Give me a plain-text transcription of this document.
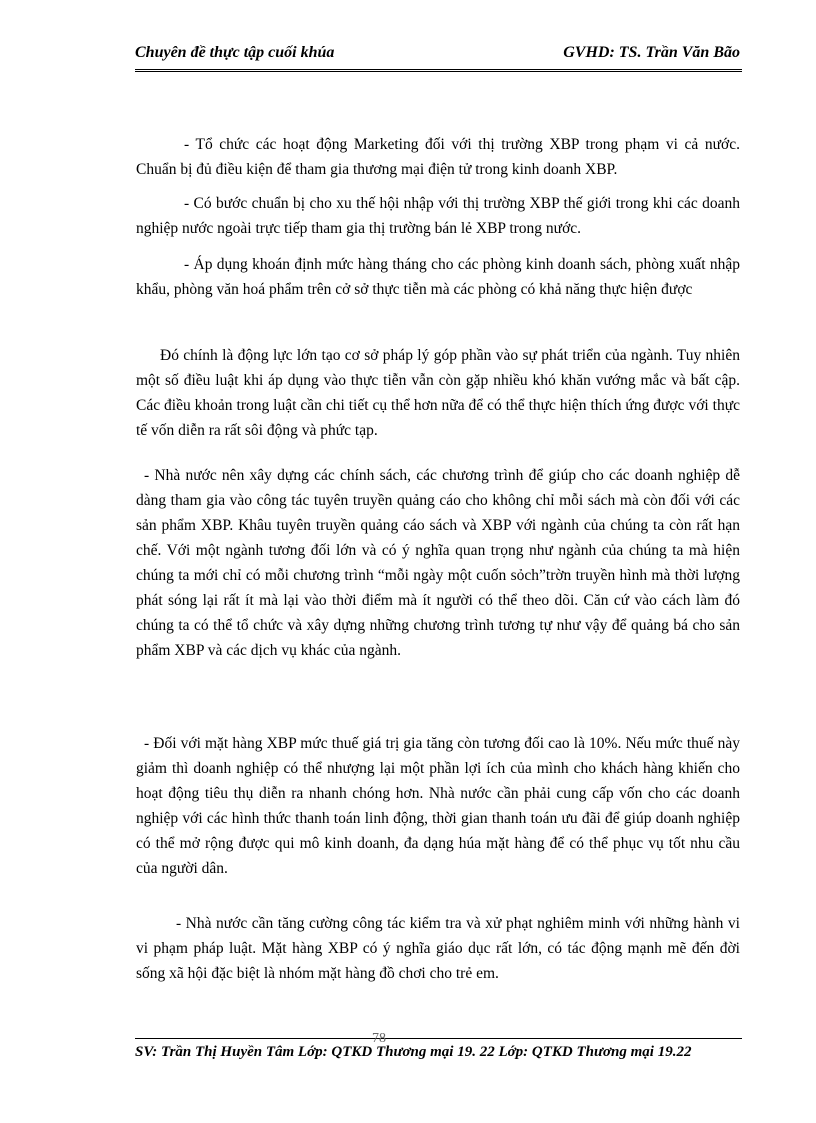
Chuyên đề thực tập cuối khúa	GVHD: TS. Trần Văn Bão

- Tổ chức các hoạt động Marketing đối với thị trường XBP trong phạm vi cả nước. Chuẩn bị đủ điều kiện để tham gia thương mại điện tử trong kinh doanh XBP.

- Có bước chuẩn bị cho xu thế hội nhập với thị trường XBP thế giới trong khi các doanh nghiệp nước ngoài trực tiếp tham gia thị trường bán lẻ XBP trong nước.

- Áp dụng khoán định mức hàng tháng cho các phòng kinh doanh sách, phòng xuất nhập khẩu, phòng văn hoá phẩm trên cở sở thực tiễn mà các phòng có khả năng thực hiện được

Đó chính là động lực lớn tạo cơ sở pháp lý góp phần vào sự phát triển của ngành. Tuy nhiên một số điều luật khi áp dụng vào thực tiễn vẫn còn gặp nhiều khó khăn vướng mắc và bất cập. Các điều khoản trong luật cần chi tiết cụ thể hơn nữa để có thể thực hiện thích ứng được với thực tế vốn diễn ra rất sôi động và phức tạp.

- Nhà nước nên xây dựng các chính sách, các chương trình để giúp cho các doanh nghiệp dễ dàng tham gia vào công tác tuyên truyền quảng cáo cho không chỉ mỗi sách mà còn đối với các sản phẩm XBP. Khâu tuyên truyền quảng cáo sách và XBP với ngành của chúng ta còn rất hạn chế. Với một ngành tương đối lớn và có ý nghĩa quan trọng như ngành của chúng ta mà hiện chúng ta mới chỉ có mỗi chương trình “mỗi ngày một cuốn sỏch”trờn truyền hình mà thời lượng phát sóng lại rất ít mà lại vào thời điểm mà ít người có thể theo dõi. Căn cứ vào cách làm đó chúng ta có thể tổ chức và xây dựng những chương trình tương tự như vậy để quảng bá cho sản phẩm XBP và các dịch vụ khác của ngành.

- Đối với mặt hàng XBP mức thuế giá trị gia tăng còn tương đối cao là 10%. Nếu mức thuế này giảm thì doanh nghiệp có thể nhượng lại một phần lợi ích của mình cho khách hàng khiến cho hoạt động tiêu thụ diễn ra nhanh chóng hơn. Nhà nước cần phải cung cấp vốn cho các doanh nghiệp với các hình thức thanh toán linh động, thời gian thanh toán ưu đãi để giúp doanh nghiệp có thể mở rộng được qui mô kinh doanh, đa dạng húa mặt hàng để có thể phục vụ tốt nhu cầu của người dân.

- Nhà nước cần tăng cường công tác kiểm tra và xử phạt nghiêm minh với những hành vi vi phạm pháp luật. Mặt hàng XBP có ý nghĩa giáo dục rất lớn, có tác động mạnh mẽ đến đời sống xã hội đặc biệt là nhóm mặt hàng đồ chơi cho trẻ em.

78
SV: Trần Thị Huyền Tâm Lớp: QTKD Thương mại 19. 22 Lớp: QTKD Thương mại 19.22
